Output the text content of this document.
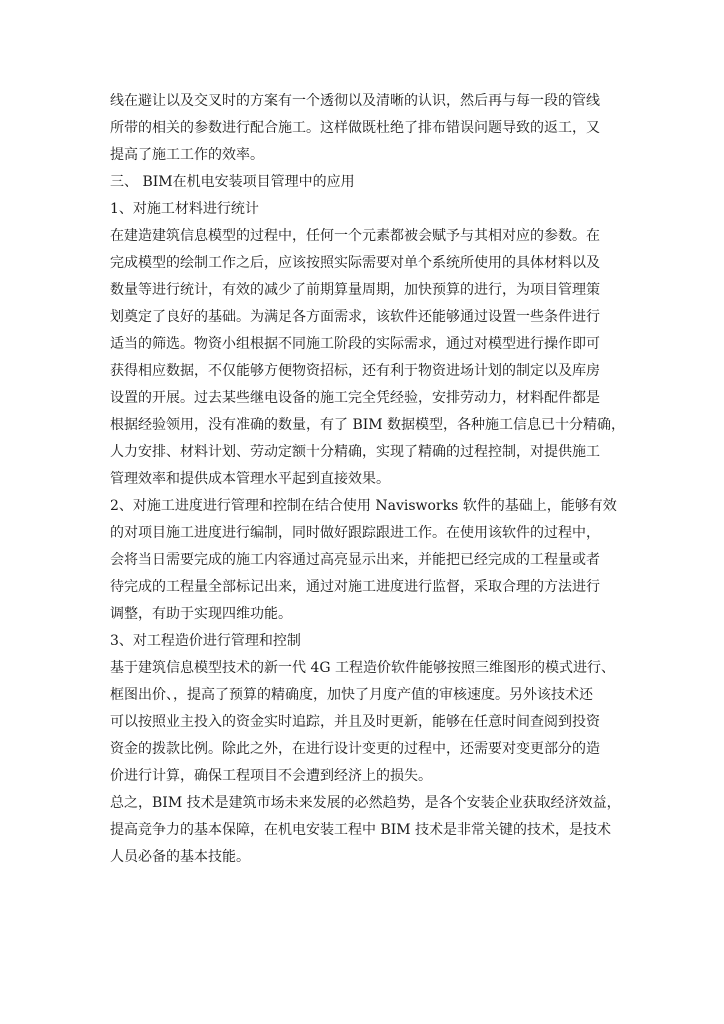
线在避让以及交叉时的方案有一个透彻以及清晰的认识，然后再与每一段的管线
所带的相关的参数进行配合施工。这样做既杜绝了排布错误问题导致的返工，又
提高了施工工作的效率。
三、 BIM在机电安装项目管理中的应用
1、对施工材料进行统计
在建造建筑信息模型的过程中，任何一个元素都被会赋予与其相对应的参数。在
完成模型的绘制工作之后，应该按照实际需要对单个系统所使用的具体材料以及
数量等进行统计，有效的减少了前期算量周期，加快预算的进行，为项目管理策
划奠定了良好的基础。为满足各方面需求，该软件还能够通过设置一些条件进行
适当的筛选。物资小组根据不同施工阶段的实际需求，通过对模型进行操作即可
获得相应数据，不仅能够方便物资招标，还有利于物资进场计划的制定以及库房
设置的开展。过去某些继电设备的施工完全凭经验，安排劳动力，材料配件都是
根据经验领用，没有准确的数量，有了 BIM 数据模型，各种施工信息已十分精确，
人力安排、材料计划、劳动定额十分精确，实现了精确的过程控制，对提供施工
管理效率和提供成本管理水平起到直接效果。
2、对施工进度进行管理和控制在结合使用 Navisworks 软件的基础上，能够有效
的对项目施工进度进行编制，同时做好跟踪跟进工作。在使用该软件的过程中，
会将当日需要完成的施工内容通过高亮显示出来，并能把已经完成的工程量或者
待完成的工程量全部标记出来，通过对施工进度进行监督，采取合理的方法进行
调整，有助于实现四维功能。
3、对工程造价进行管理和控制
基于建筑信息模型技术的新一代 4G 工程造价软件能够按照三维图形的模式进行、
框图出价、，提高了预算的精确度，加快了月度产值的审核速度。另外该技术还
可以按照业主投入的资金实时追踪，并且及时更新，能够在任意时间查阅到投资
资金的拨款比例。除此之外，在进行设计变更的过程中，还需要对变更部分的造
价进行计算，确保工程项目不会遭到经济上的损失。
总之，BIM 技术是建筑市场未来发展的必然趋势，是各个安装企业获取经济效益，
提高竞争力的基本保障，在机电安装工程中 BIM 技术是非常关键的技术，是技术
人员必备的基本技能。
